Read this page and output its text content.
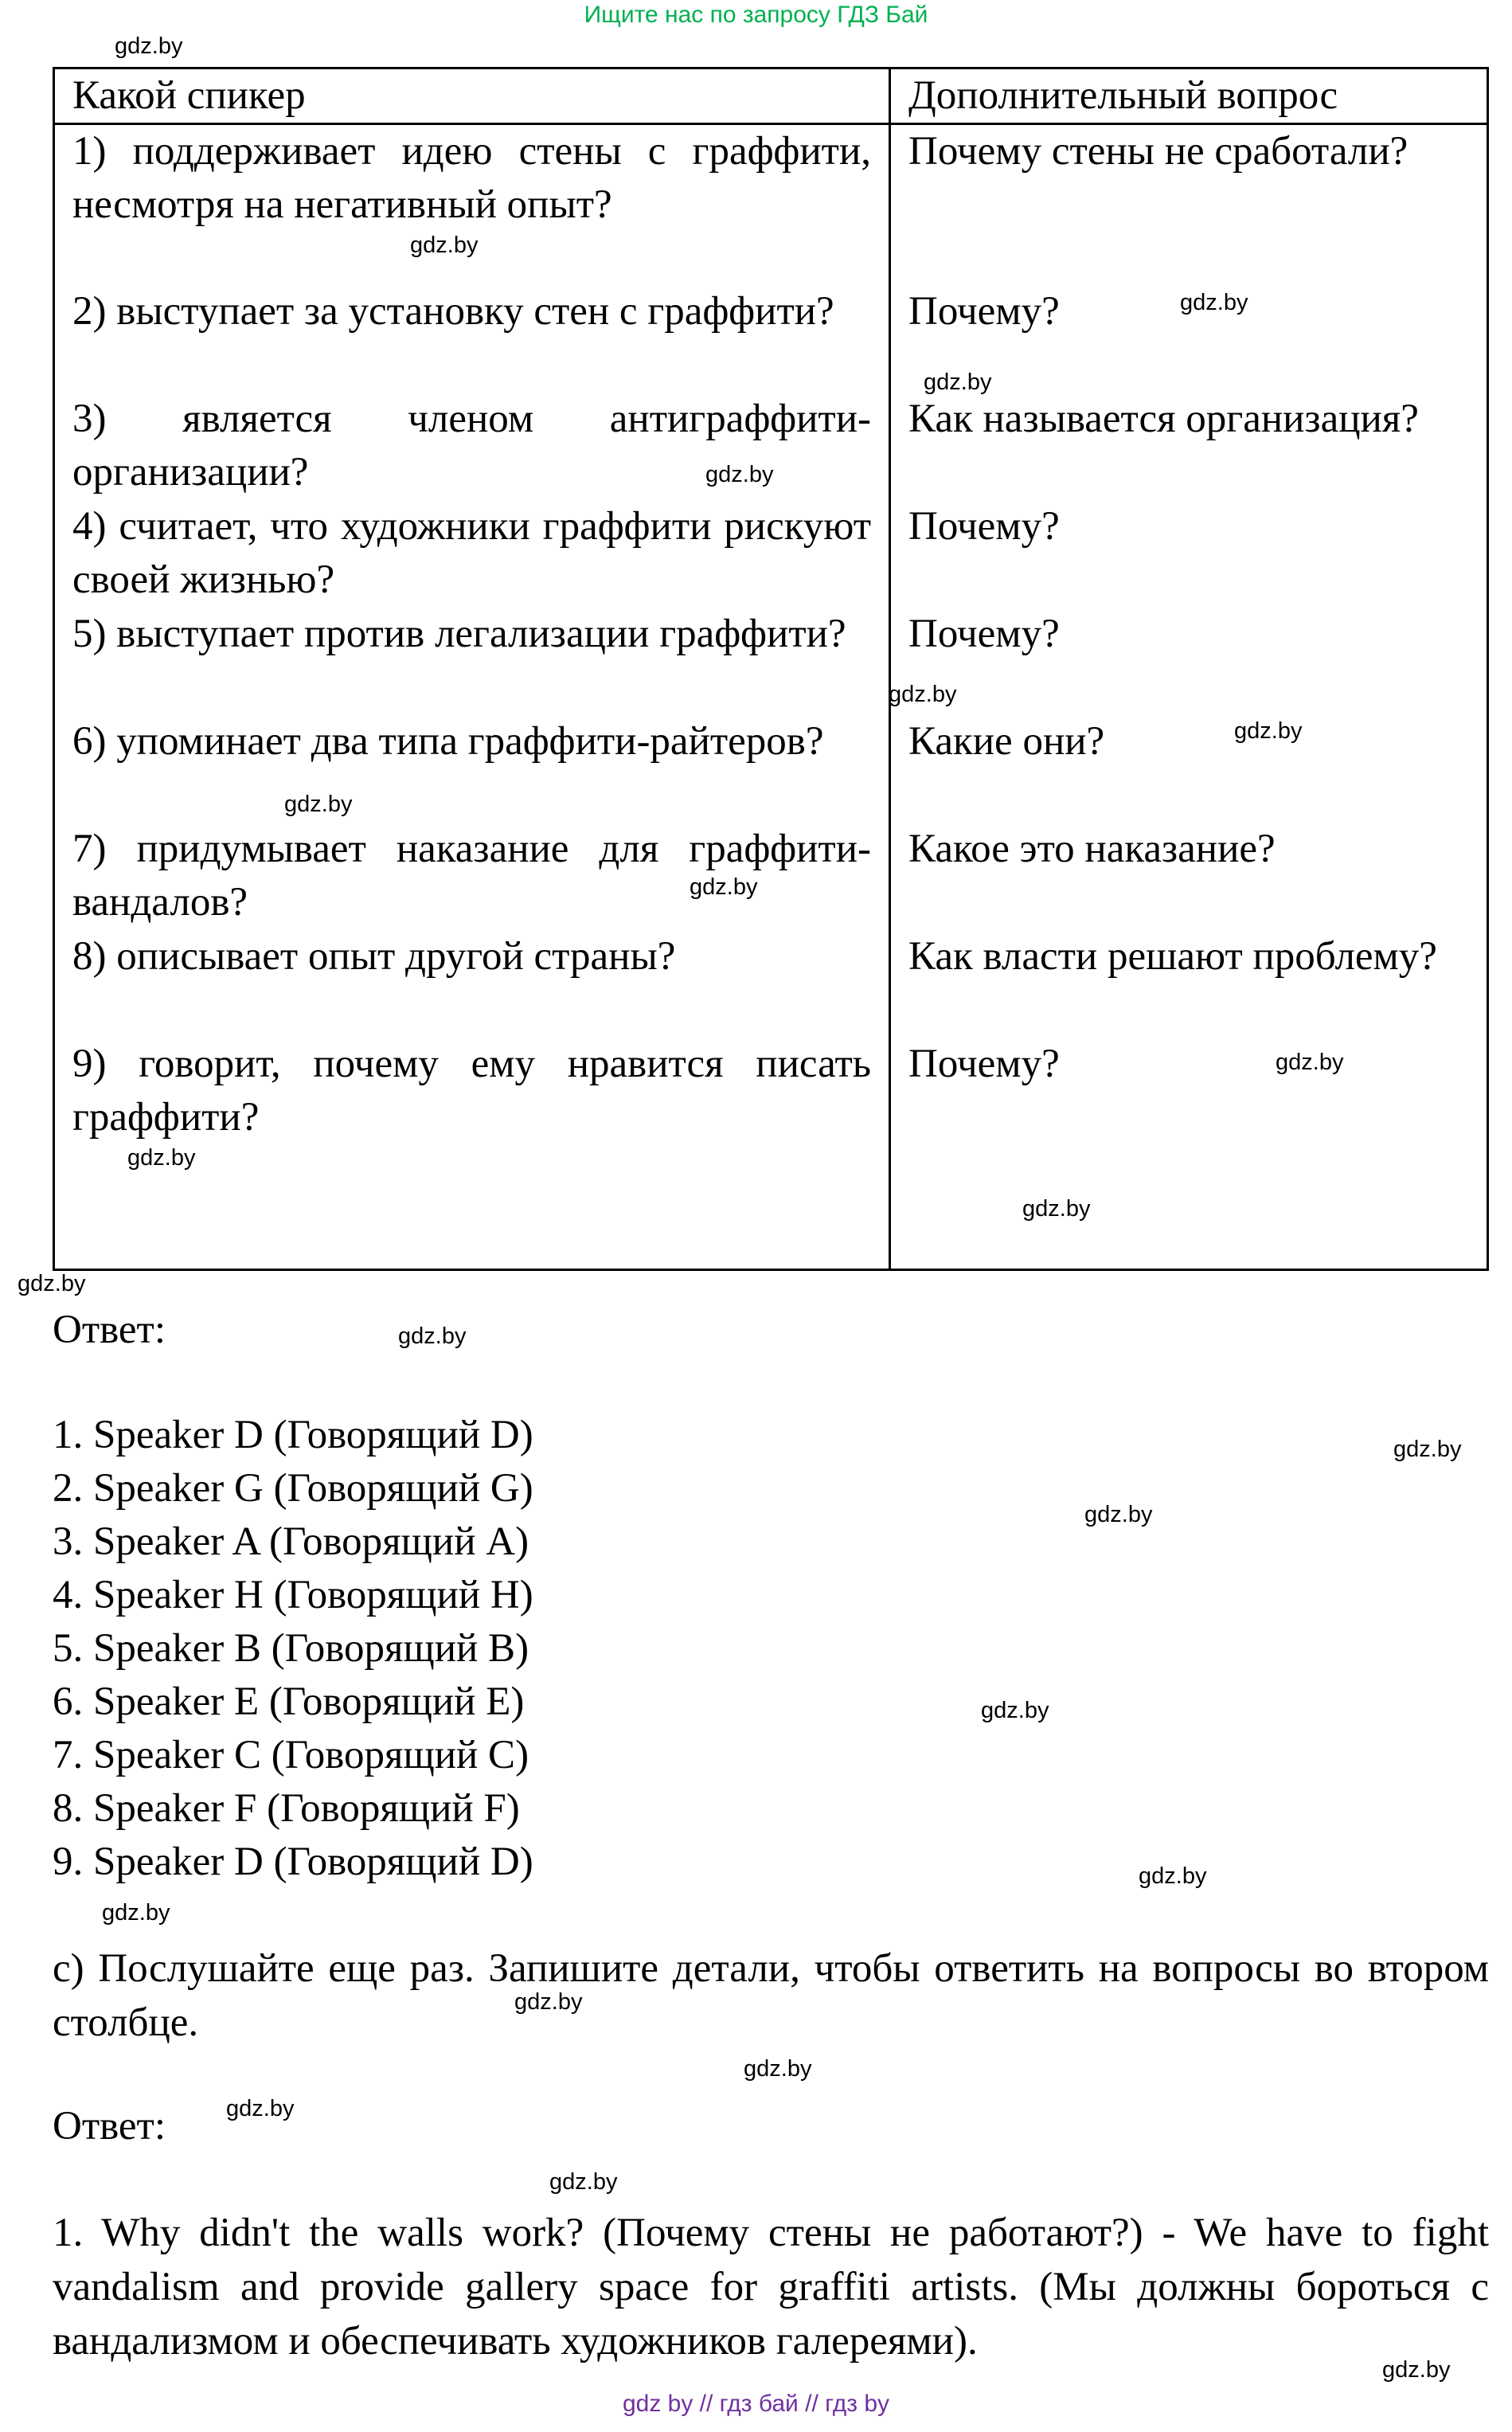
Ищите нас по запросу ГДЗ Бай
Какой спикер	Дополнительный вопрос
1) поддерживает идею стены с граффити, несмотря на негативный опыт?	Почему стены не сработали?
2) выступает за установку стен с граффити?	Почему?
3) является членом антиграффити-организации?	Как называется организация?
4) считает, что художники граффити рискуют своей жизнью?	Почему?
5) выступает против легализации граффити?	Почему?
6) упоминает два типа граффити-райтеров?	Какие они?
7) придумывает наказание для граффити-вандалов?	Какое это наказание?
8) описывает опыт другой страны?	Как власти решают проблему?
9) говорит, почему ему нравится писать граффити?	Почему?
Ответ:
1. Speaker D (Говорящий D)
2. Speaker G (Говорящий G)
3. Speaker A (Говорящий A)
4. Speaker H (Говорящий H)
5. Speaker B (Говорящий B)
6. Speaker E (Говорящий E)
7. Speaker C (Говорящий C)
8. Speaker F (Говорящий F)
9. Speaker D (Говорящий D)
c) Послушайте еще раз. Запишите детали, чтобы ответить на вопросы во втором столбце.
Ответ:
1. Why didn't the walls work? (Почему стены не работают?) - We have to fight vandalism and provide gallery space for graffiti artists. (Мы должны бороться с вандализмом и обеспечивать художников галереями).
gdz.by
gdz.by
gdz.by
gdz.by
gdz.by
gdz.by
gdz.by
gdz.by
gdz.by
gdz.by
gdz.by
gdz.by
gdz.by
gdz.by
gdz.by
gdz.by
gdz.by
gdz.by
gdz.by
gdz.by
gdz.by
gdz.by
gdz.by
gdz.by
gdz by // гдз бай // гдз by
